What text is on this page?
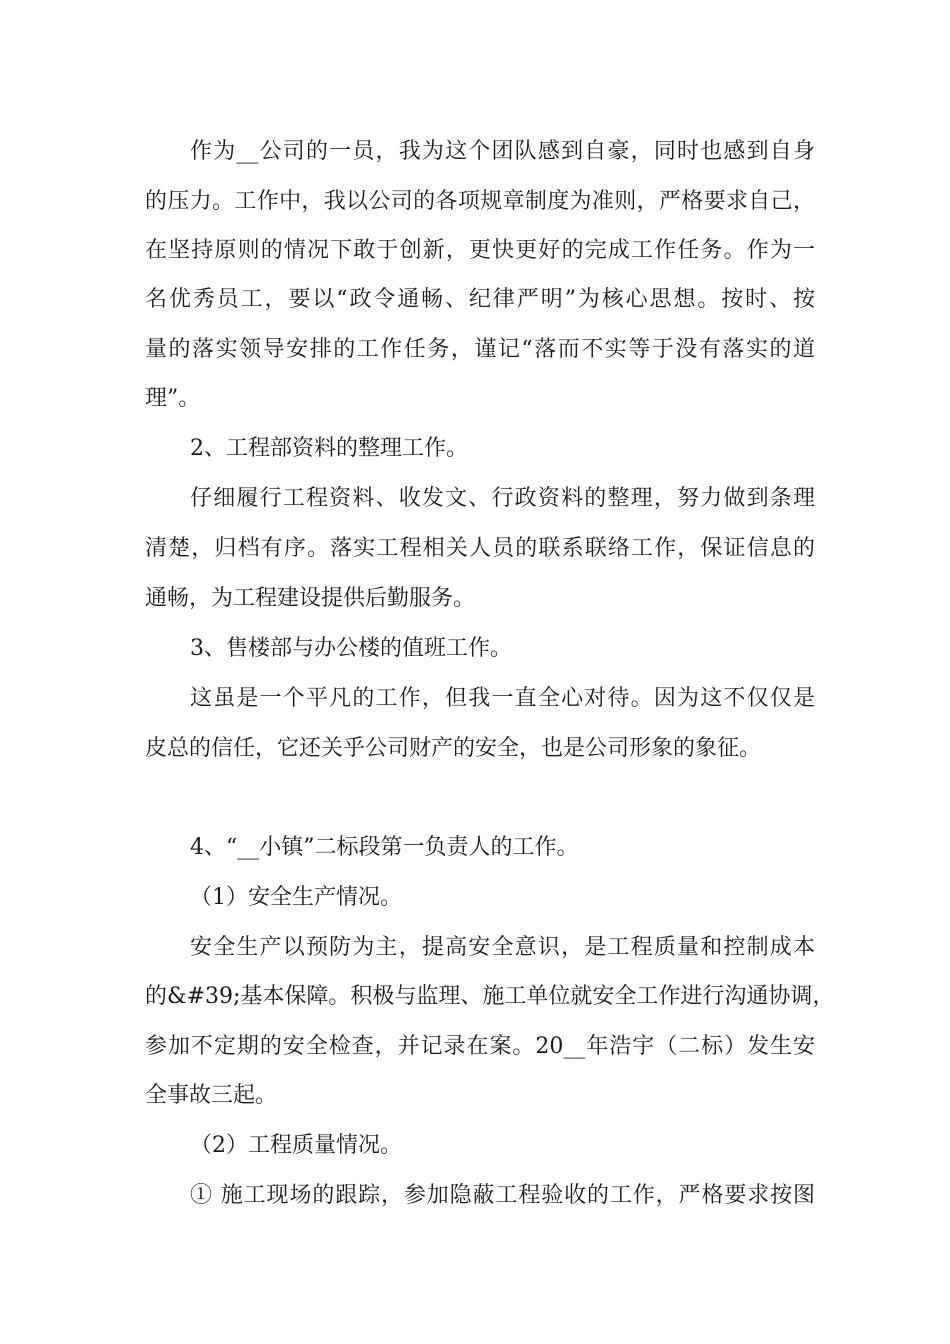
作为__公司的一员，我为这个团队感到自豪，同时也感到自身
的压力。工作中，我以公司的各项规章制度为准则，严格要求自己，
在坚持原则的情况下敢于创新，更快更好的完成工作任务。作为一
名优秀员工，要以“政令通畅、纪律严明”为核心思想。按时、按
量的落实领导安排的工作任务，谨记“落而不实等于没有落实的道
理”。
2、工程部资料的整理工作。
仔细履行工程资料、收发文、行政资料的整理，努力做到条理
清楚，归档有序。落实工程相关人员的联系联络工作，保证信息的
通畅，为工程建设提供后勤服务。
3、售楼部与办公楼的值班工作。
这虽是一个平凡的工作，但我一直全心对待。因为这不仅仅是
皮总的信任，它还关乎公司财产的安全，也是公司形象的象征。
4、“__小镇”二标段第一负责人的工作。
（1）安全生产情况。
安全生产以预防为主，提高安全意识，是工程质量和控制成本
的&#39;基本保障。积极与监理、施工单位就安全工作进行沟通协调，
参加不定期的安全检查，并记录在案。20__年浩宇（二标）发生安
全事故三起。
（2）工程质量情况。
① 施工现场的跟踪，参加隐蔽工程验收的工作，严格要求按图
